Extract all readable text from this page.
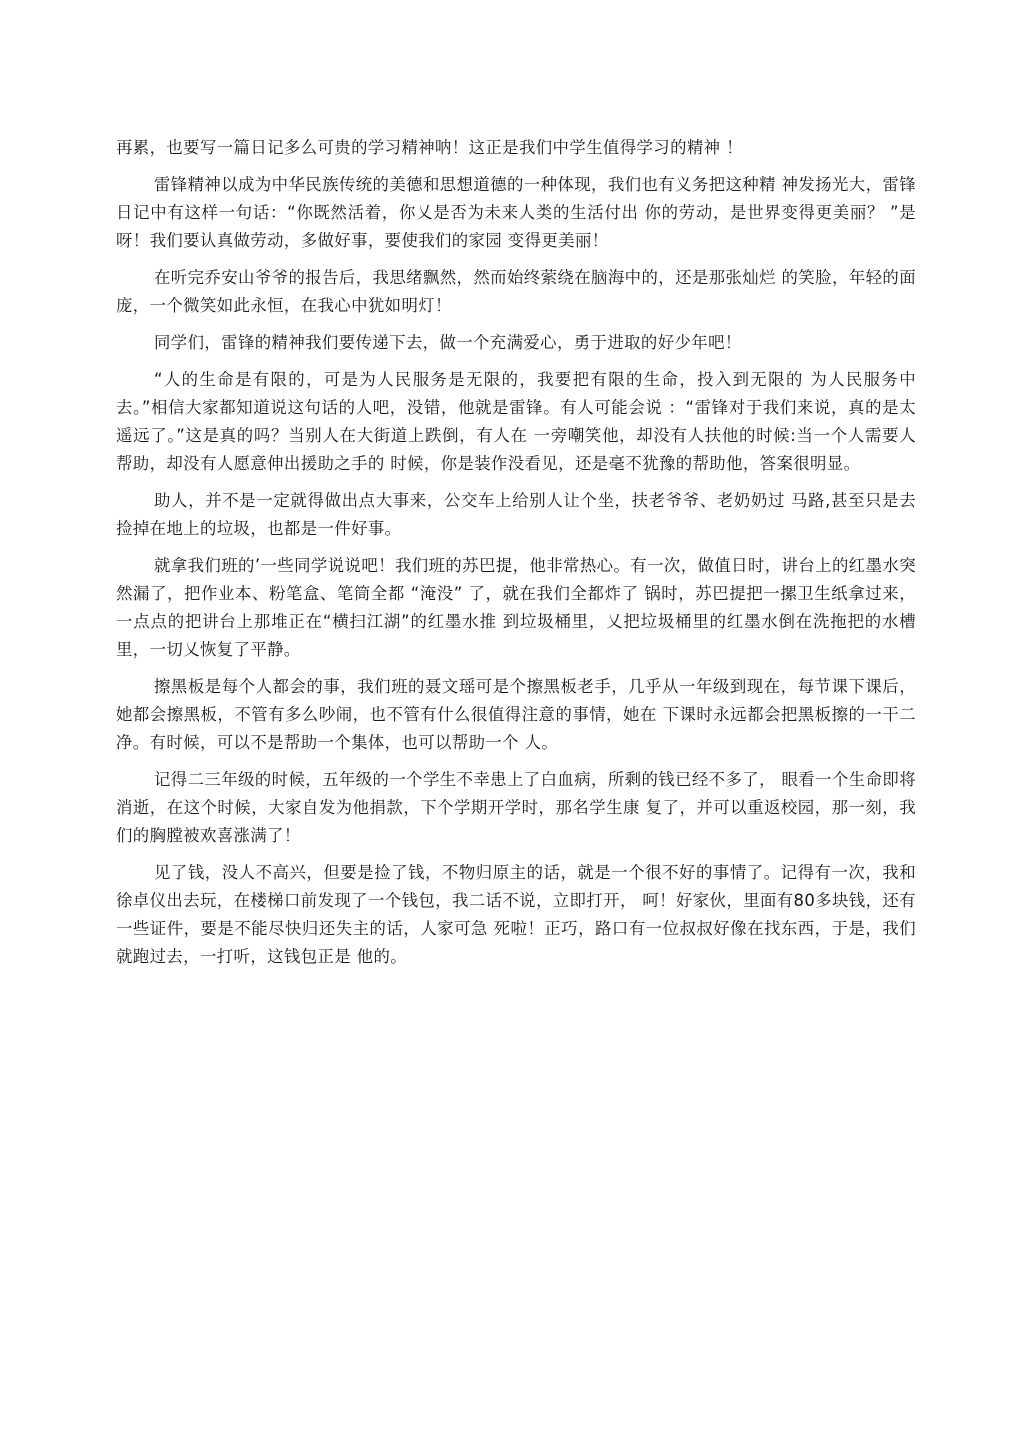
再累，也要写一篇日记多么可贵的学习精神呐！这正是我们中学生值得学习的精神 ！

雷锋精神以成为中华民族传统的美德和思想道德的一种体现，我们也有义务把这种精 神发扬光大，雷锋日记中有这样一句话：“你既然活着，你乂是否为未来人类的生活付出 你的劳动，是世界变得更美丽？ ”是呀！我们要认真做劳动，多做好事，要使我们的家园 变得更美丽！

在听完乔安山爷爷的报告后，我思绪飘然，然而始终萦绕在脑海中的，还是那张灿烂 的笑脸，年轻的面庞，一个微笑如此永恒，在我心中犹如明灯！

同学们，雷锋的精神我们要传递下去，做一个充满爱心，勇于进取的好少年吧！

“人的生命是有限的，可是为人民服务是无限的，我要把有限的生命，投入到无限的 为人民服务中去。”相信大家都知道说这句话的人吧，没错，他就是雷锋。有人可能会说 ：“雷锋对于我们来说，真的是太遥远了。”这是真的吗？当别人在大街道上跌倒，有人在 一旁嘲笑他，却没有人扶他的时候:当一个人需要人帮助，却没有人愿意伸出援助之手的 时候，你是装作没看见，还是毫不犹豫的帮助他，答案很明显。

助人，并不是一定就得做出点大事来，公交车上给别人让个坐，扶老爷爷、老奶奶过 马路,甚至只是去捡掉在地上的垃圾，也都是一件好事。

就拿我们班的’一些同学说说吧！我们班的苏巴提，他非常热心。有一次，做值日时，讲台上的红墨水突然漏了，把作业本、粉笔盒、笔筒全都 “淹没” 了，就在我们全都炸了 锅时，苏巴提把一摞卫生纸拿过来，一点点的把讲台上那堆正在“横扫江湖”的红墨水推 到垃圾桶里，乂把垃圾桶里的红墨水倒在洗拖把的水槽里，一切乂恢复了平静。

擦黑板是每个人都会的事，我们班的聂文瑶可是个擦黑板老手，几乎从一年级到现在，每节课下课后，她都会擦黑板，不管有多么吵闹，也不管有什么很值得注意的事情，她在 下课时永远都会把黑板擦的一干二净。有时候，可以不是帮助一个集体，也可以帮助一个 人。

记得二三年级的时候，五年级的一个学生不幸患上了白血病，所剩的钱已经不多了， 眼看一个生命即将消逝，在这个时候，大家自发为他捐款，下个学期开学时，那名学生康 复了，并可以重返校园，那一刻，我们的胸膛被欢喜涨满了！

见了钱，没人不高兴，但要是捡了钱，不物归原主的话，就是一个很不好的事情了。记得有一次，我和徐卓仪出去玩，在楼梯口前发现了一个钱包，我二话不说，立即打开， 呵！好家伙，里面有80多块钱，还有一些证件，要是不能尽快归还失主的话，人家可急 死啦！正巧，路口有一位叔叔好像在找东西，于是，我们就跑过去，一打听，这钱包正是 他的。
